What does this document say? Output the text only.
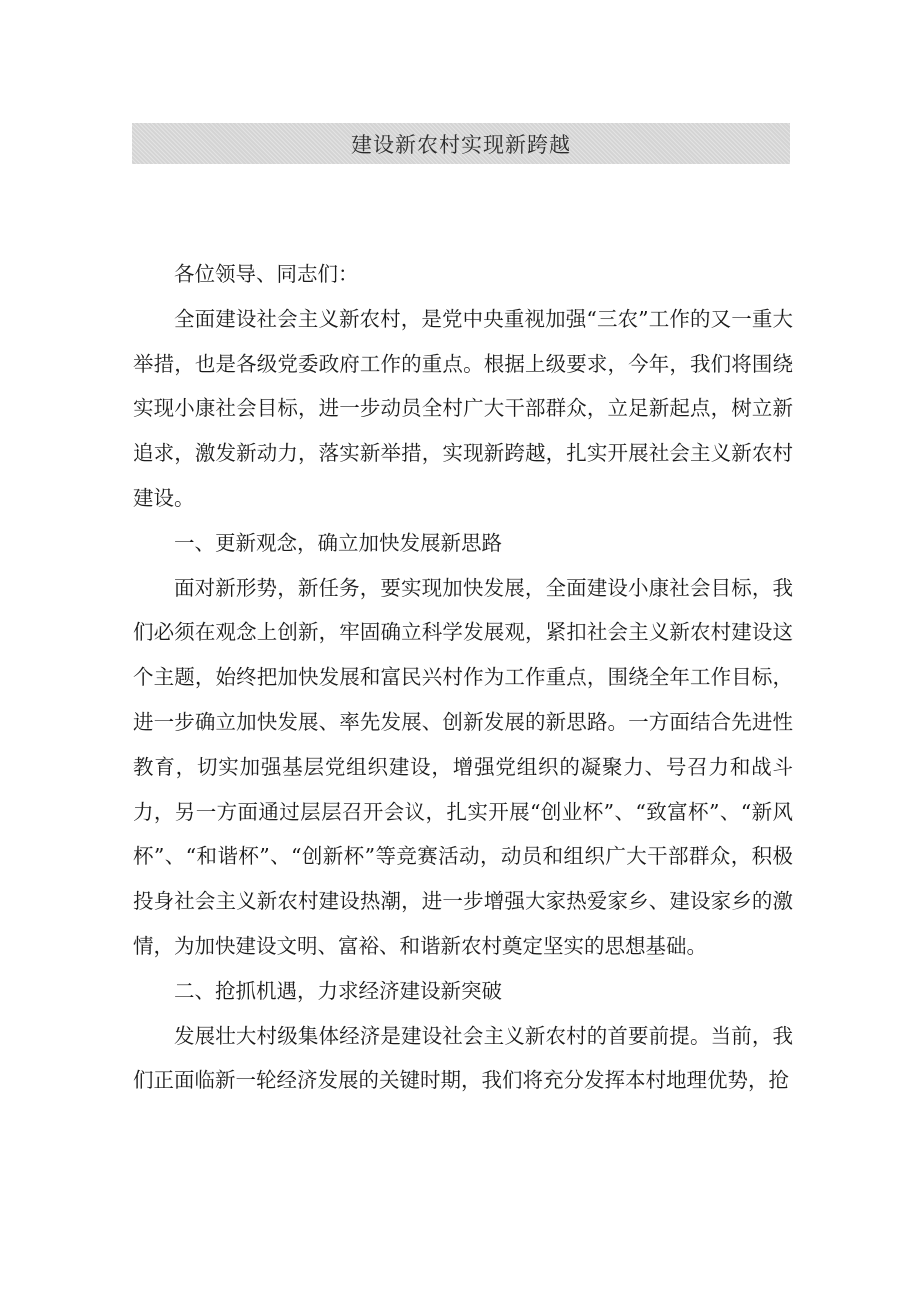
建设新农村实现新跨越

各位领导、同志们：

全面建设社会主义新农村，是党中央重视加强“三农”工作的又一重大举措，也是各级党委政府工作的重点。根据上级要求，今年，我们将围绕实现小康社会目标，进一步动员全村广大干部群众，立足新起点，树立新追求，激发新动力，落实新举措，实现新跨越，扎实开展社会主义新农村建设。

一、更新观念，确立加快发展新思路

面对新形势，新任务，要实现加快发展，全面建设小康社会目标，我们必须在观念上创新，牢固确立科学发展观，紧扣社会主义新农村建设这个主题，始终把加快发展和富民兴村作为工作重点，围绕全年工作目标，进一步确立加快发展、率先发展、创新发展的新思路。一方面结合先进性教育，切实加强基层党组织建设，增强党组织的凝聚力、号召力和战斗力，另一方面通过层层召开会议，扎实开展“创业杯”、“致富杯”、“新风杯”、“和谐杯”、“创新杯”等竞赛活动，动员和组织广大干部群众，积极投身社会主义新农村建设热潮，进一步增强大家热爱家乡、建设家乡的激情，为加快建设文明、富裕、和谐新农村奠定坚实的思想基础。

二、抢抓机遇，力求经济建设新突破

发展壮大村级集体经济是建设社会主义新农村的首要前提。当前，我们正面临新一轮经济发展的关键时期，我们将充分发挥本村地理优势，抢
